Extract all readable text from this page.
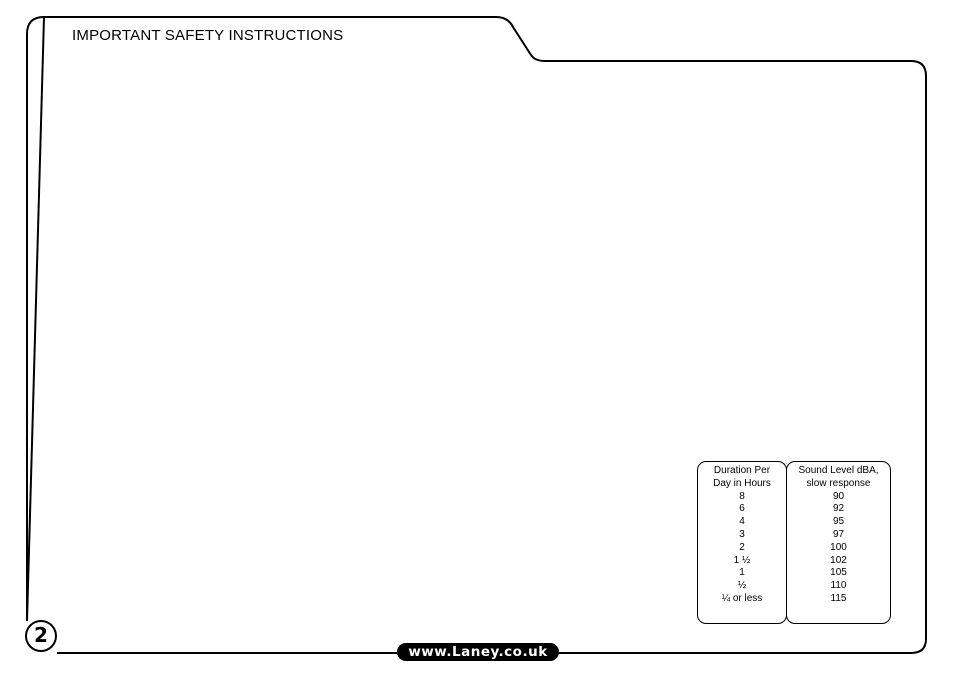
IMPORTANT SAFETY INSTRUCTIONS
Duration Per
Day in Hours
8
6
4
3
2
1 ½
1
½
¼ or less
Sound Level dBA,
slow response
90
92
95
97
100
102
105
110
115
2
www.Laney.co.uk
